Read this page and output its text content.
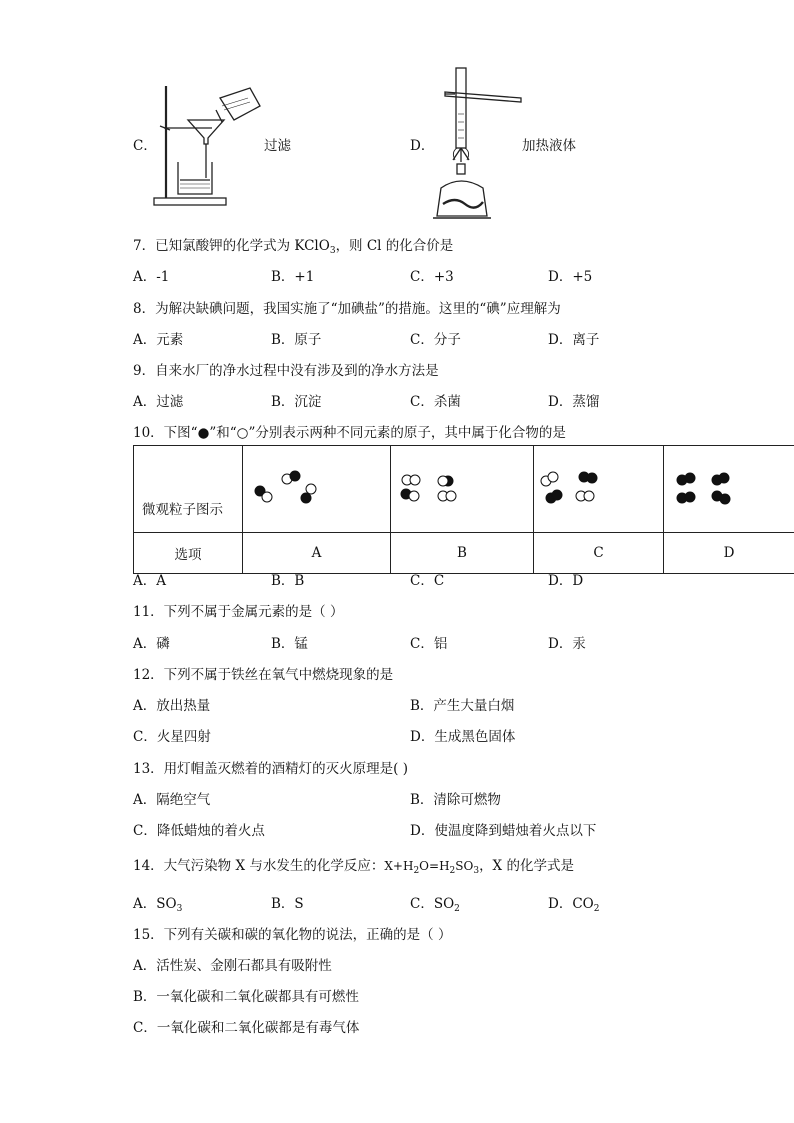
C．	过滤	D．	加热液体
7．已知氯酸钾的化学式为 KClO$_3$，则 Cl 的化合价是
A．-1	B．+1	C．+3	D．+5
8．为解决缺碘问题，我国实施了“加碘盐”的措施。这里的“碘”应理解为
A．元素	B．原子	C．分子	D．离子
9．自来水厂的净水过程中没有涉及到的净水方法是
A．过滤	B．沉淀	C．杀菌	D．蒸馏
10．下图“●”和“○”分别表示两种不同元素的原子，其中属于化合物的是
微观粒子图示	

选项	A	B	C	D
A．A	B．B	C．C	D．D
11．下列不属于金属元素的是（ ）
A．磷	B．锰	C．铝	D．汞
12．下列不属于铁丝在氧气中燃烧现象的是
A．放出热量	B．产生大量白烟
C．火星四射	D．生成黑色固体
13．用灯帽盖灭燃着的酒精灯的灭火原理是( )
A．隔绝空气	B．清除可燃物
C．降低蜡烛的着火点	D．使温度降到蜡烛着火点以下
14．大气污染物 X 与水发生的化学反应：$X+H_2O=H_2SO_3$，X 的化学式是
A．$SO_3$	B．S	C．$SO_2$	D．$CO_2$
15．下列有关碳和碳的氧化物的说法，正确的是（ ）
A．活性炭、金刚石都具有吸附性
B．一氧化碳和二氧化碳都具有可燃性
C．一氧化碳和二氧化碳都是有毒气体
